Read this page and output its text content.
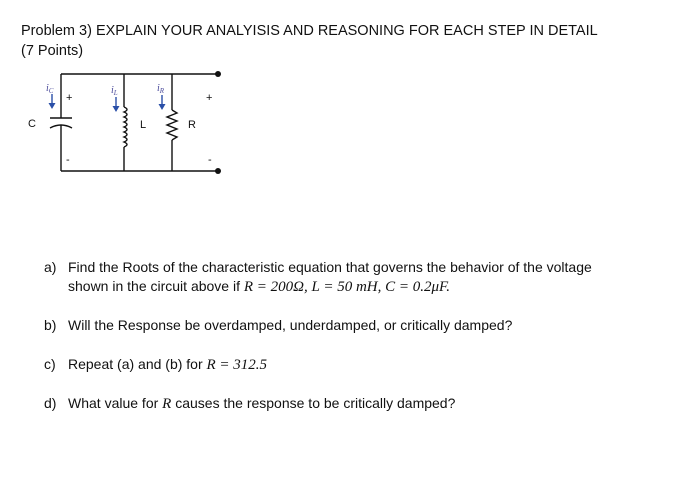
Problem 3) EXPLAIN YOUR ANALYISIS AND REASONING FOR EACH STEP IN DETAIL
(7 Points)
$i_C$	$i_L$	$i_R$
+
-
C	L	R
+
-
a) Find the Roots of the characteristic equation that governs the behavior of the voltage
shown in the circuit above if R = 200Ω, L = 50 mH, C = 0.2μF.
b) Will the Response be overdamped, underdamped, or critically damped?
c) Repeat (a) and (b) for R = 312.5
d) What value for R causes the response to be critically damped?
